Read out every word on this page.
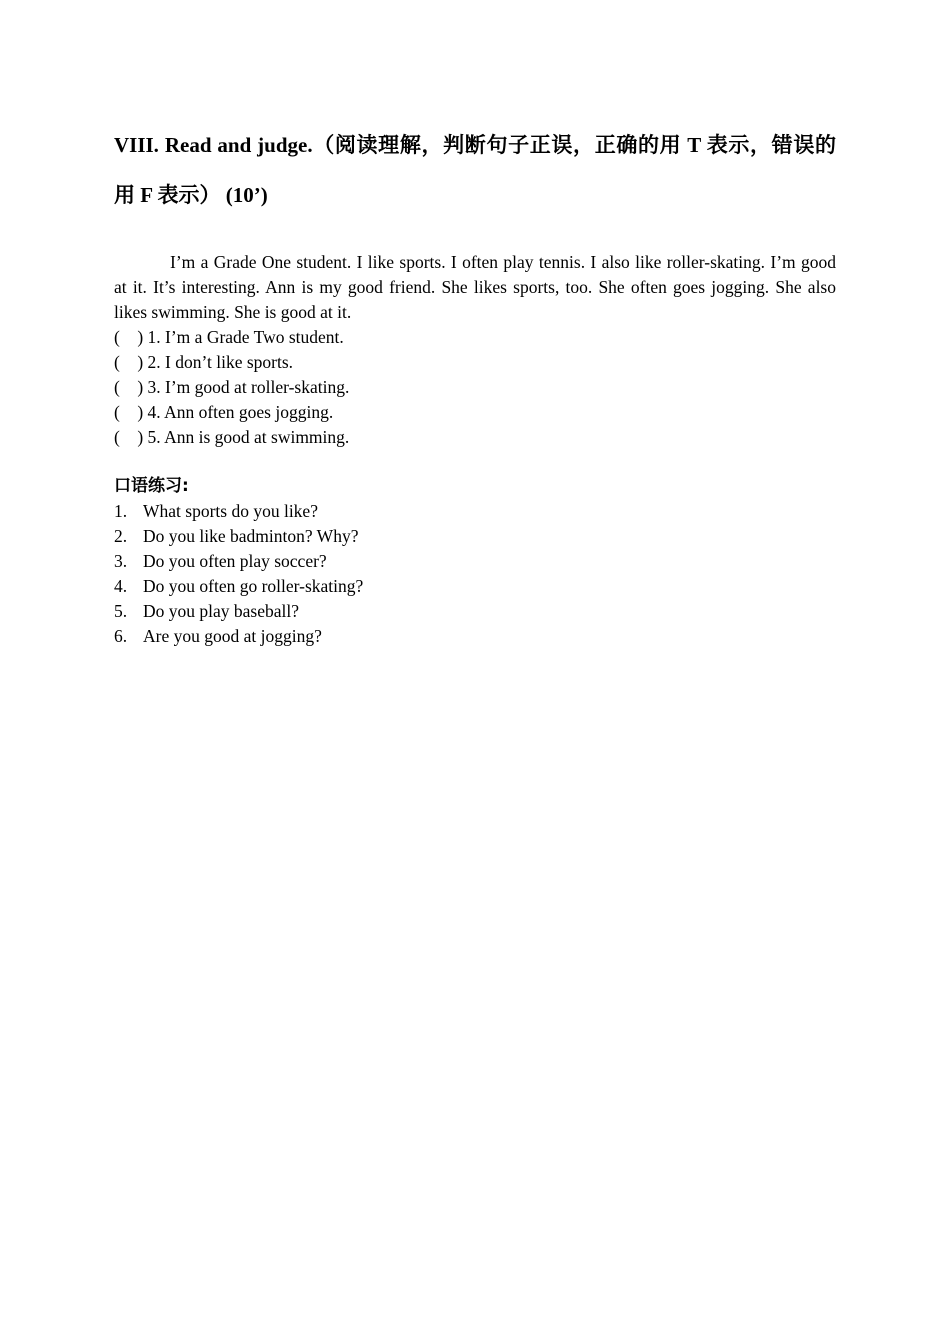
VIII. Read and judge.（阅读理解，判断句子正误，正确的用 T 表示，错误的用 F 表示） (10’)

I’m a Grade One student. I like sports. I often play tennis. I also like roller-skating. I’m good at it. It’s interesting. Ann is my good friend. She likes sports, too. She often goes jogging. She also likes swimming. She is good at it.

(    ) 1. I’m a Grade Two student.
(    ) 2. I don’t like sports.
(    ) 3. I’m good at roller-skating.
(    ) 4. Ann often goes jogging.
(    ) 5. Ann is good at swimming.
口语练习:
1. What sports do you like?
2. Do you like badminton? Why?
3. Do you often play soccer?
4. Do you often go roller-skating?
5. Do you play baseball?
6. Are you good at jogging?
